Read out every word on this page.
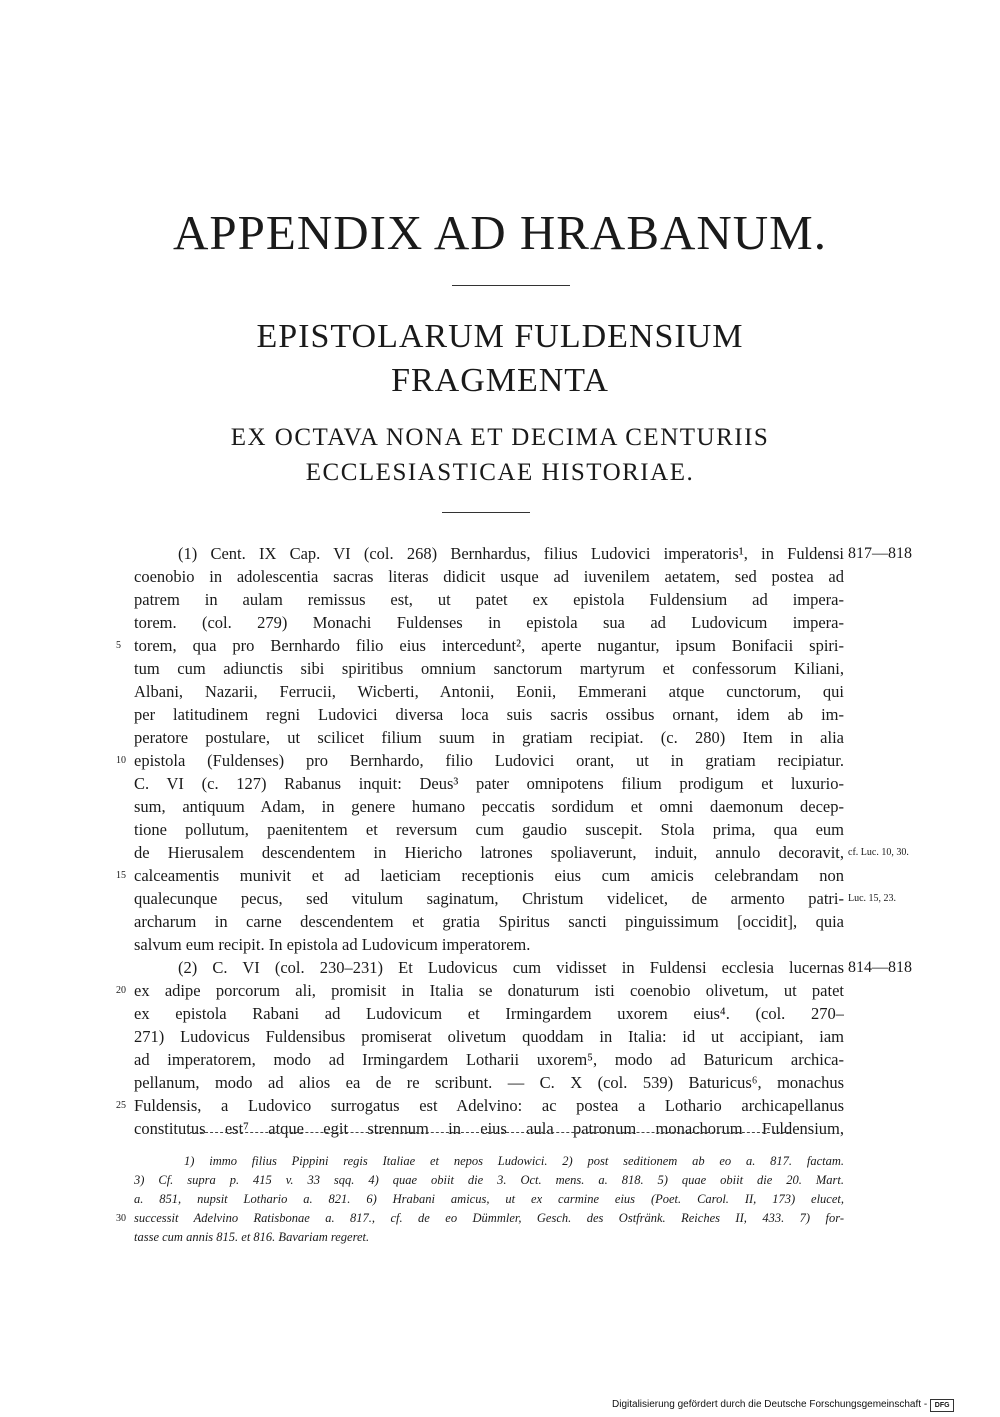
APPENDIX AD HRABANUM.
EPISTOLARUM FULDENSIUM
FRAGMENTA
EX OCTAVA NONA ET DECIMA CENTURIIS
ECCLESIASTICAE HISTORIAE.
(1) Cent. IX Cap. VI (col. 268) Bernhardus, filius Ludovici imperatoris¹, in Fuldensi
coenobio in adolescentia sacras literas didicit usque ad iuvenilem aetatem, sed postea ad
patrem in aulam remissus est, ut patet ex epistola Fuldensium ad impera-
torem. (col. 279) Monachi Fuldenses in epistola sua ad Ludovicum impera-
torem, qua pro Bernhardo filio eius intercedunt², aperte nugantur, ipsum Bonifacii spiri-
tum cum adiunctis sibi spiritibus omnium sanctorum martyrum et confessorum Kiliani,
Albani, Nazarii, Ferrucii, Wicberti, Antonii, Eonii, Emmerani atque cunctorum, qui
per latitudinem regni Ludovici diversa loca suis sacris ossibus ornant, idem ab im-
peratore postulare, ut scilicet filium suum in gratiam recipiat. (c. 280) Item in alia
epistola (Fuldenses) pro Bernhardo, filio Ludovici orant, ut in gratiam recipiatur.
C. VI (c. 127) Rabanus inquit: Deus³ pater omnipotens filium prodigum et luxurio-
sum, antiquum Adam, in genere humano peccatis sordidum et omni daemonum decep-
tione pollutum, paenitentem et reversum cum gaudio suscepit. Stola prima, qua eum
de Hierusalem descendentem in Hiericho latrones spoliaverunt, induit, annulo decoravit,
calceamentis munivit et ad laeticiam receptionis eius cum amicis celebrandam non
qualecunque pecus, sed vitulum saginatum, Christum videlicet, de armento patri-
archarum in carne descendentem et gratia Spiritus sancti pinguissimum [occidit], quia
salvum eum recipit. In epistola ad Ludovicum imperatorem.
(2) C. VI (col. 230–231) Et Ludovicus cum vidisset in Fuldensi ecclesia lucernas
ex adipe porcorum ali, promisit in Italia se donaturum isti coenobio olivetum, ut patet
ex epistola Rabani ad Ludovicum et Irmingardem uxorem eius⁴. (col. 270–
271) Ludovicus Fuldensibus promiserat olivetum quoddam in Italia: id ut accipiant, iam
ad imperatorem, modo ad Irmingardem Lotharii uxorem⁵, modo ad Baturicum archica-
pellanum, modo ad alios ea de re scribunt. — C. X (col. 539) Baturicus⁶, monachus
Fuldensis, a Ludovico surrogatus est Adelvino: ac postea a Lothario archicapellanus
constitutus est⁷ atque egit strennum in eius aula patronum monachorum Fuldensium,
5
10
15
20
25
817—818
cf. Luc. 10, 30.
Luc. 15, 23.
814—818
1) immo filius Pippini regis Italiae et nepos Ludowici. 2) post seditionem ab eo a. 817. factam.
3) Cf. supra p. 415 v. 33 sqq. 4) quae obiit die 3. Oct. mens. a. 818. 5) quae obiit die 20. Mart.
a. 851, nupsit Lothario a. 821. 6) Hrabani amicus, ut ex carmine eius (Poet. Carol. II, 173) elucet,
successit Adelvino Ratisbonae a. 817., cf. de eo Dümmler, Gesch. des Ostfränk. Reiches II, 433. 7) for-
tasse cum annis 815. et 816. Bavariam regeret.
30
Digitalisierung gefördert durch die Deutsche Forschungsgemeinschaft -	DFG
